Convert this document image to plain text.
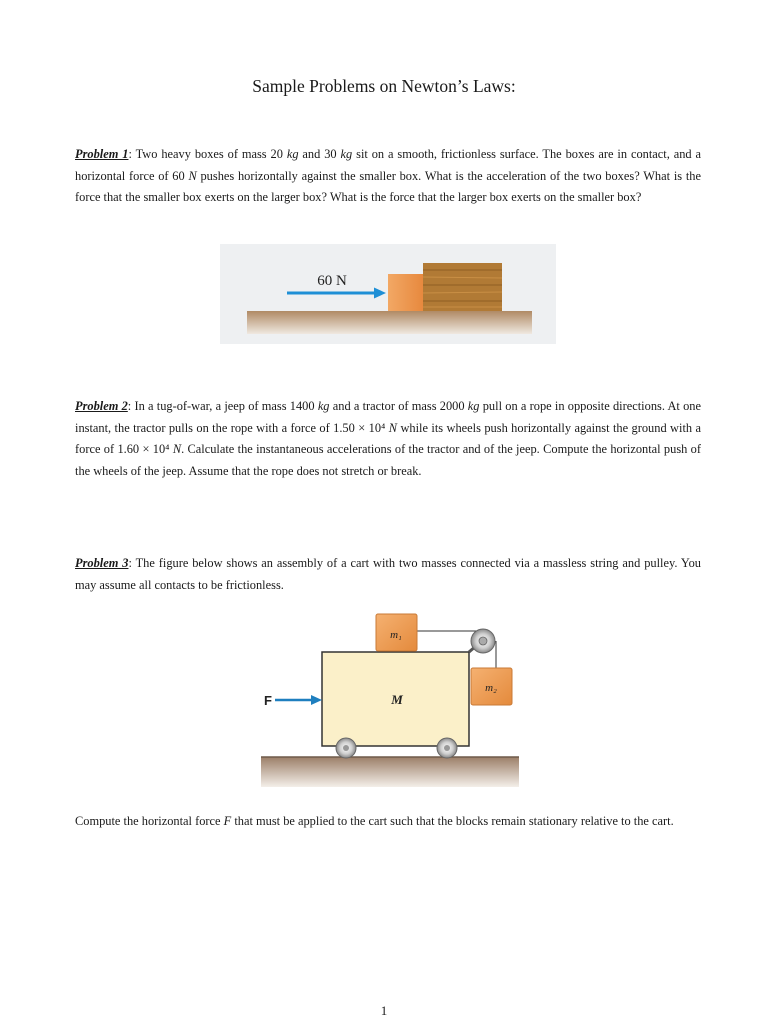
Sample Problems on Newton’s Laws:
Problem 1: Two heavy boxes of mass 20 kg and 30 kg sit on a smooth, frictionless surface. The boxes are in contact, and a horizontal force of 60 N pushes horizontally against the smaller box. What is the acceleration of the two boxes? What is the force that the smaller box exerts on the larger box? What is the force that the larger box exerts on the smaller box?
60 N
Problem 2: In a tug-of-war, a jeep of mass 1400 kg and a tractor of mass 2000 kg pull on a rope in opposite directions. At one instant, the tractor pulls on the rope with a force of 1.50 × 10⁴ N while its wheels push horizontally against the ground with a force of 1.60 × 10⁴ N. Calculate the instantaneous accelerations of the tractor and of the jeep. Compute the horizontal push of the wheels of the jeep. Assume that the rope does not stretch or break.
Problem 3: The figure below shows an assembly of a cart with two masses connected via a massless string and pulley. You may assume all contacts to be frictionless.
M
m₁
m₂
F
Compute the horizontal force F that must be applied to the cart such that the blocks remain stationary relative to the cart.
1
